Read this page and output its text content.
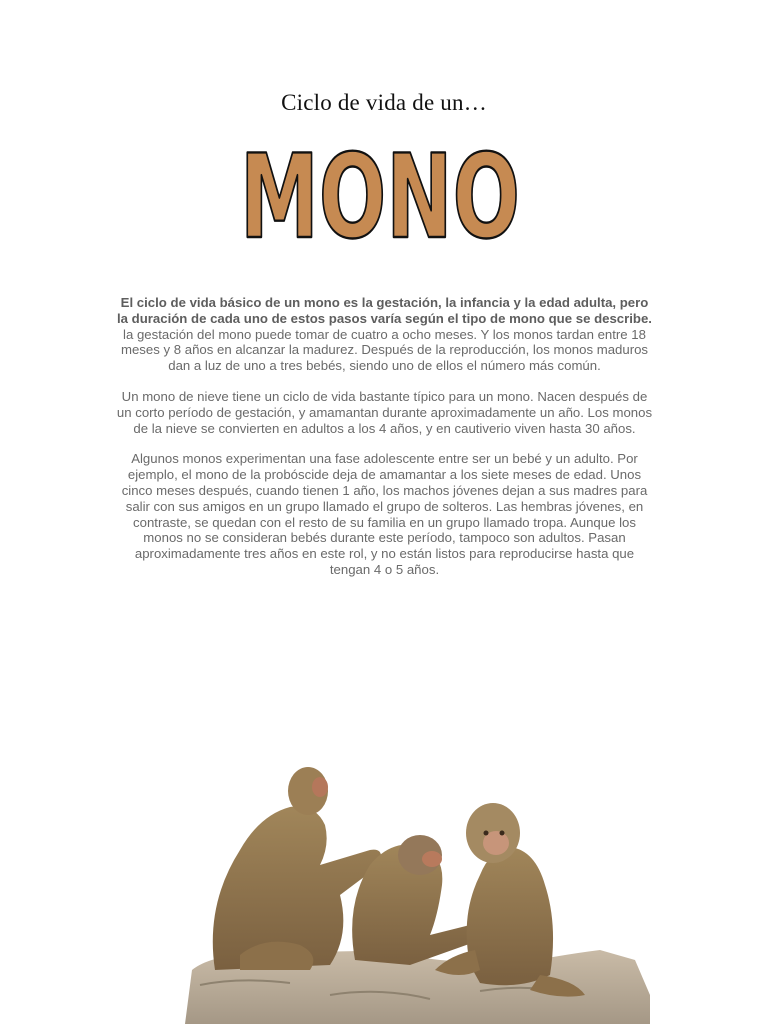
Ciclo de vida de un…
MONO

El ciclo de vida básico de un mono es la gestación, la infancia y la edad adulta, pero la duración de cada uno de estos pasos varía según el tipo de mono que se describe. la gestación del mono puede tomar de cuatro a ocho meses. Y los monos tardan entre 18 meses y 8 años en alcanzar la madurez. Después de la reproducción, los monos maduros dan a luz de uno a tres bebés, siendo uno de ellos el número más común.

Un mono de nieve tiene un ciclo de vida bastante típico para un mono. Nacen después de un corto período de gestación, y amamantan durante aproximadamente un año. Los monos de la nieve se convierten en adultos a los 4 años, y en cautiverio viven hasta 30 años.

Algunos monos experimentan una fase adolescente entre ser un bebé y un adulto. Por ejemplo, el mono de la probóscide deja de amamantar a los siete meses de edad. Unos cinco meses después, cuando tienen 1 año, los machos jóvenes dejan a sus madres para salir con sus amigos en un grupo llamado el grupo de solteros. Las hembras jóvenes, en contraste, se quedan con el resto de su familia en un grupo llamado tropa. Aunque los monos no se consideran bebés durante este período, tampoco son adultos. Pasan aproximadamente tres años en este rol, y no están listos para reproducirse hasta que tengan 4 o 5 años.
